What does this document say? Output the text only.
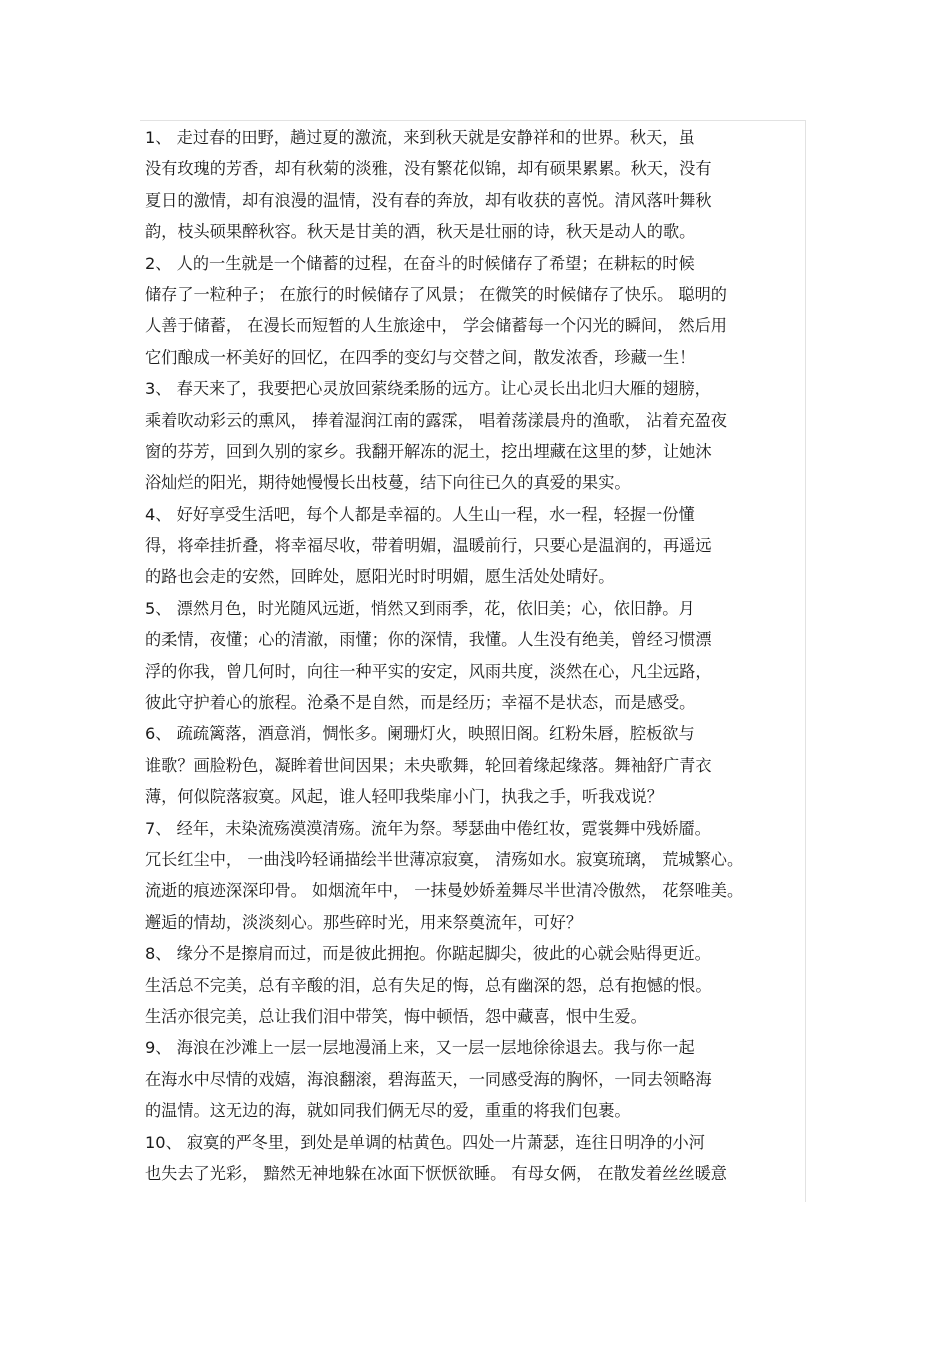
1、 走过春的田野，趟过夏的激流，来到秋天就是安静祥和的世界。秋天，虽
没有玫瑰的芳香，却有秋菊的淡雅，没有繁花似锦，却有硕果累累。秋天，没有
夏日的激情，却有浪漫的温情，没有春的奔放，却有收获的喜悦。清风落叶舞秋
韵，枝头硕果醉秋容。秋天是甘美的酒，秋天是壮丽的诗，秋天是动人的歌。
2、 人的一生就是一个储蓄的过程，在奋斗的时候储存了希望；在耕耘的时候
储存了一粒种子； 在旅行的时候储存了风景； 在微笑的时候储存了快乐。 聪明的
人善于储蓄， 在漫长而短暂的人生旅途中， 学会储蓄每一个闪光的瞬间， 然后用
它们酿成一杯美好的回忆，在四季的变幻与交替之间，散发浓香，珍藏一生！
3、 春天来了，我要把心灵放回萦绕柔肠的远方。让心灵长出北归大雁的翅膀，
乘着吹动彩云的熏风， 捧着湿润江南的露霂， 唱着荡漾晨舟的渔歌， 沾着充盈夜
窗的芬芳，回到久别的家乡。我翻开解冻的泥土，挖出埋藏在这里的梦，让她沐
浴灿烂的阳光，期待她慢慢长出枝蔓，结下向往已久的真爱的果实。
4、 好好享受生活吧，每个人都是幸福的。人生山一程，水一程，轻握一份懂
得，将牵挂折叠，将幸福尽收，带着明媚，温暖前行，只要心是温润的，再遥远
的路也会走的安然，回眸处，愿阳光时时明媚，愿生活处处晴好。
5、 漂然月色，时光随风远逝，悄然又到雨季，花，依旧美；心，依旧静。月
的柔情，夜懂；心的清澈，雨懂；你的深情，我懂。人生没有绝美，曾经习惯漂
浮的你我，曾几何时，向往一种平实的安定，风雨共度，淡然在心，凡尘远路，
彼此守护着心的旅程。沧桑不是自然，而是经历；幸福不是状态，而是感受。
6、 疏疏篱落，酒意消，惆怅多。阑珊灯火，映照旧阁。红粉朱唇，腔板欲与
谁歌？画脸粉色，凝眸着世间因果；未央歌舞，轮回着缘起缘落。舞袖舒广青衣
薄，何似院落寂寞。风起，谁人轻叩我柴扉小门，执我之手，听我戏说？
7、 经年，未染流殇漠漠清殇。流年为祭。琴瑟曲中倦红妆，霓裳舞中残娇靥。
冗长红尘中， 一曲浅吟轻诵描绘半世薄凉寂寞， 清殇如水。寂寞琉璃， 荒城繁心。
流逝的痕迹深深印骨。 如烟流年中， 一抹曼妙娇羞舞尽半世清冷傲然， 花祭唯美。
邂逅的情劫，淡淡刻心。那些碎时光，用来祭奠流年，可好？
8、 缘分不是擦肩而过，而是彼此拥抱。你踮起脚尖，彼此的心就会贴得更近。
生活总不完美，总有辛酸的泪，总有失足的悔，总有幽深的怨，总有抱憾的恨。
生活亦很完美，总让我们泪中带笑，悔中顿悟，怨中藏喜，恨中生爱。
9、 海浪在沙滩上一层一层地漫涌上来，又一层一层地徐徐退去。我与你一起
在海水中尽情的戏嬉，海浪翻滚，碧海蓝天，一同感受海的胸怀，一同去领略海
的温情。这无边的海，就如同我们俩无尽的爱，重重的将我们包裹。
10、 寂寞的严冬里，到处是单调的枯黄色。四处一片萧瑟，连往日明净的小河
也失去了光彩， 黯然无神地躲在冰面下恹恹欲睡。 有母女俩， 在散发着丝丝暖意
